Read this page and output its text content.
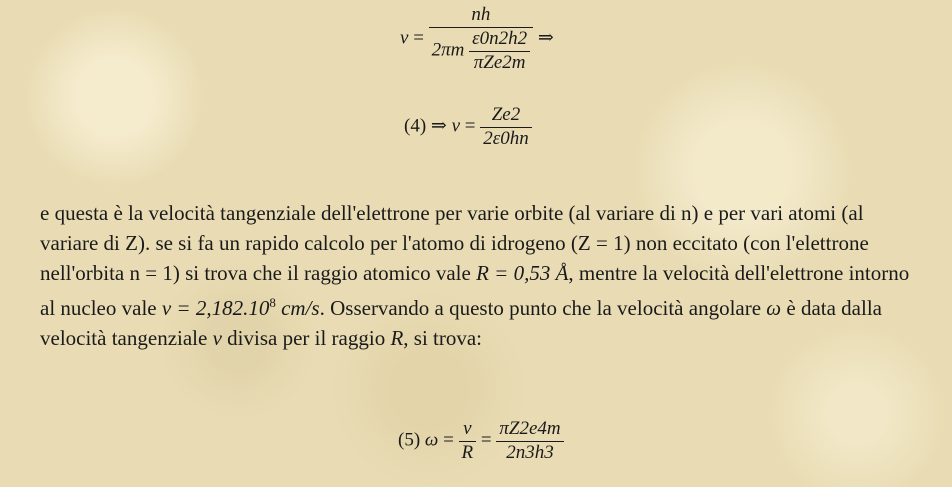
$v = \frac{nh}{2\pi m \frac{\varepsilon 0n2h2}{\text{πZe2m}}}$ ⇒
(4) ⇒ $v = \frac{Ze2}{2\varepsilon 0hn}$
e questa è la velocità tangenziale dell'elettrone per varie orbite (al variare di n) e per vari atomi (al variare di Z). se si fa un rapido calcolo per l'atomo di idrogeno (Z = 1) non eccitato (con l'elettrone nell'orbita n = 1) si trova che il raggio atomico vale R = 0,53 Å, mentre la velocità dell'elettrone intorno al nucleo vale $v = 2,182.10^8$ cm/s. Osservando a questo punto che la velocità angolare ω è data dalla velocità tangenziale v divisa per il raggio R, si trova:
(5) $\omega = \frac{v}{R} = \frac{\pi Z2e4m}{2n3h3}$
